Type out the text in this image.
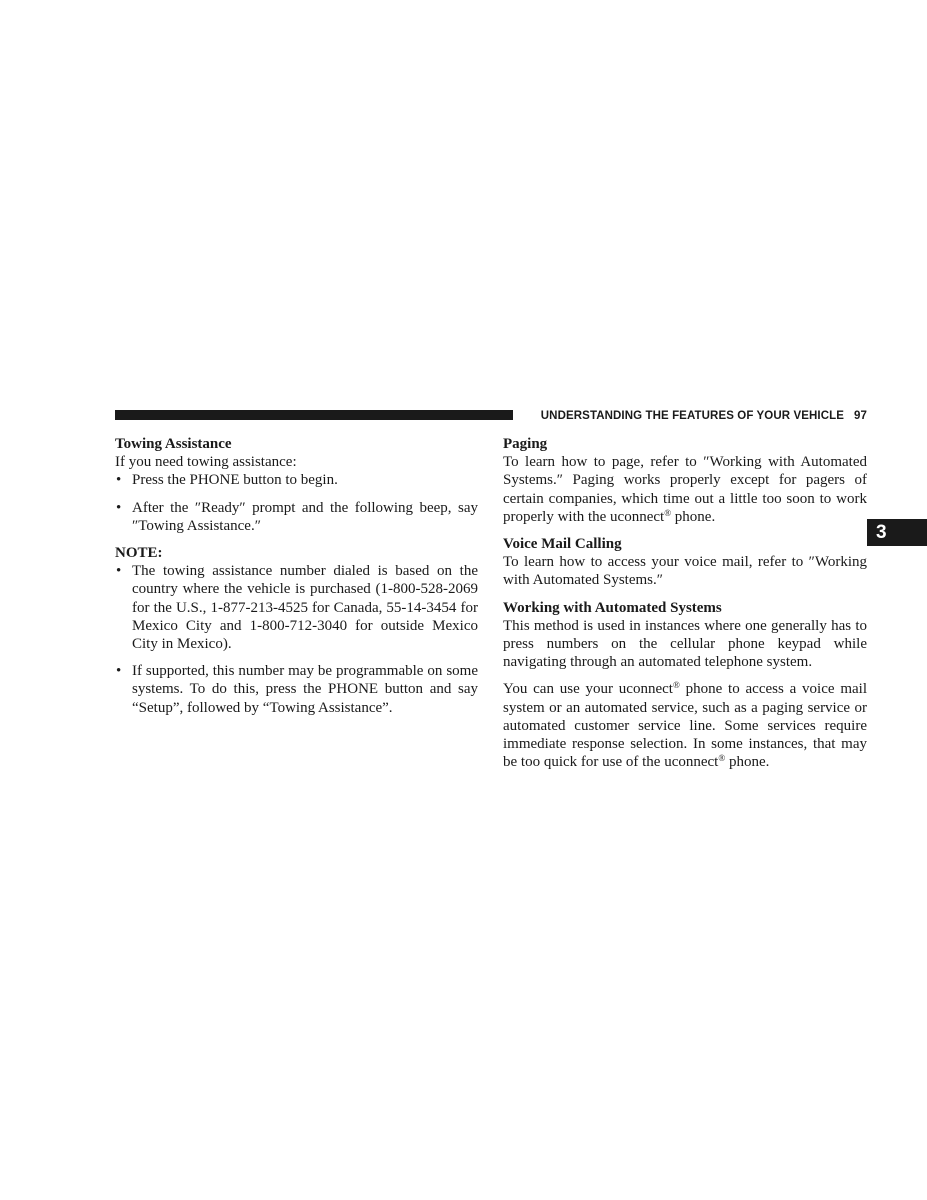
UNDERSTANDING THE FEATURES OF YOUR VEHICLE 97
3

Towing Assistance

If you need towing assistance:

• Press the PHONE button to begin.
• After the ″Ready″ prompt and the following beep, say ″Towing Assistance.″

NOTE:

• The towing assistance number dialed is based on the country where the vehicle is purchased (1-800-528-2069 for the U.S., 1-877-213-4525 for Canada, 55-14-3454 for Mexico City and 1-800-712-3040 for outside Mexico City in Mexico).
• If supported, this number may be programmable on some systems. To do this, press the PHONE button and say “Setup”, followed by “Towing Assistance”.

Paging

To learn how to page, refer to ″Working with Automated Systems.″ Paging works properly except for pagers of certain companies, which time out a little too soon to work properly with the uconnect® phone.

Voice Mail Calling

To learn how to access your voice mail, refer to ″Working with Automated Systems.″

Working with Automated Systems

This method is used in instances where one generally has to press numbers on the cellular phone keypad while navigating through an automated telephone system.

You can use your uconnect® phone to access a voice mail system or an automated service, such as a paging service or automated customer service line. Some services require immediate response selection. In some instances, that may be too quick for use of the uconnect® phone.
